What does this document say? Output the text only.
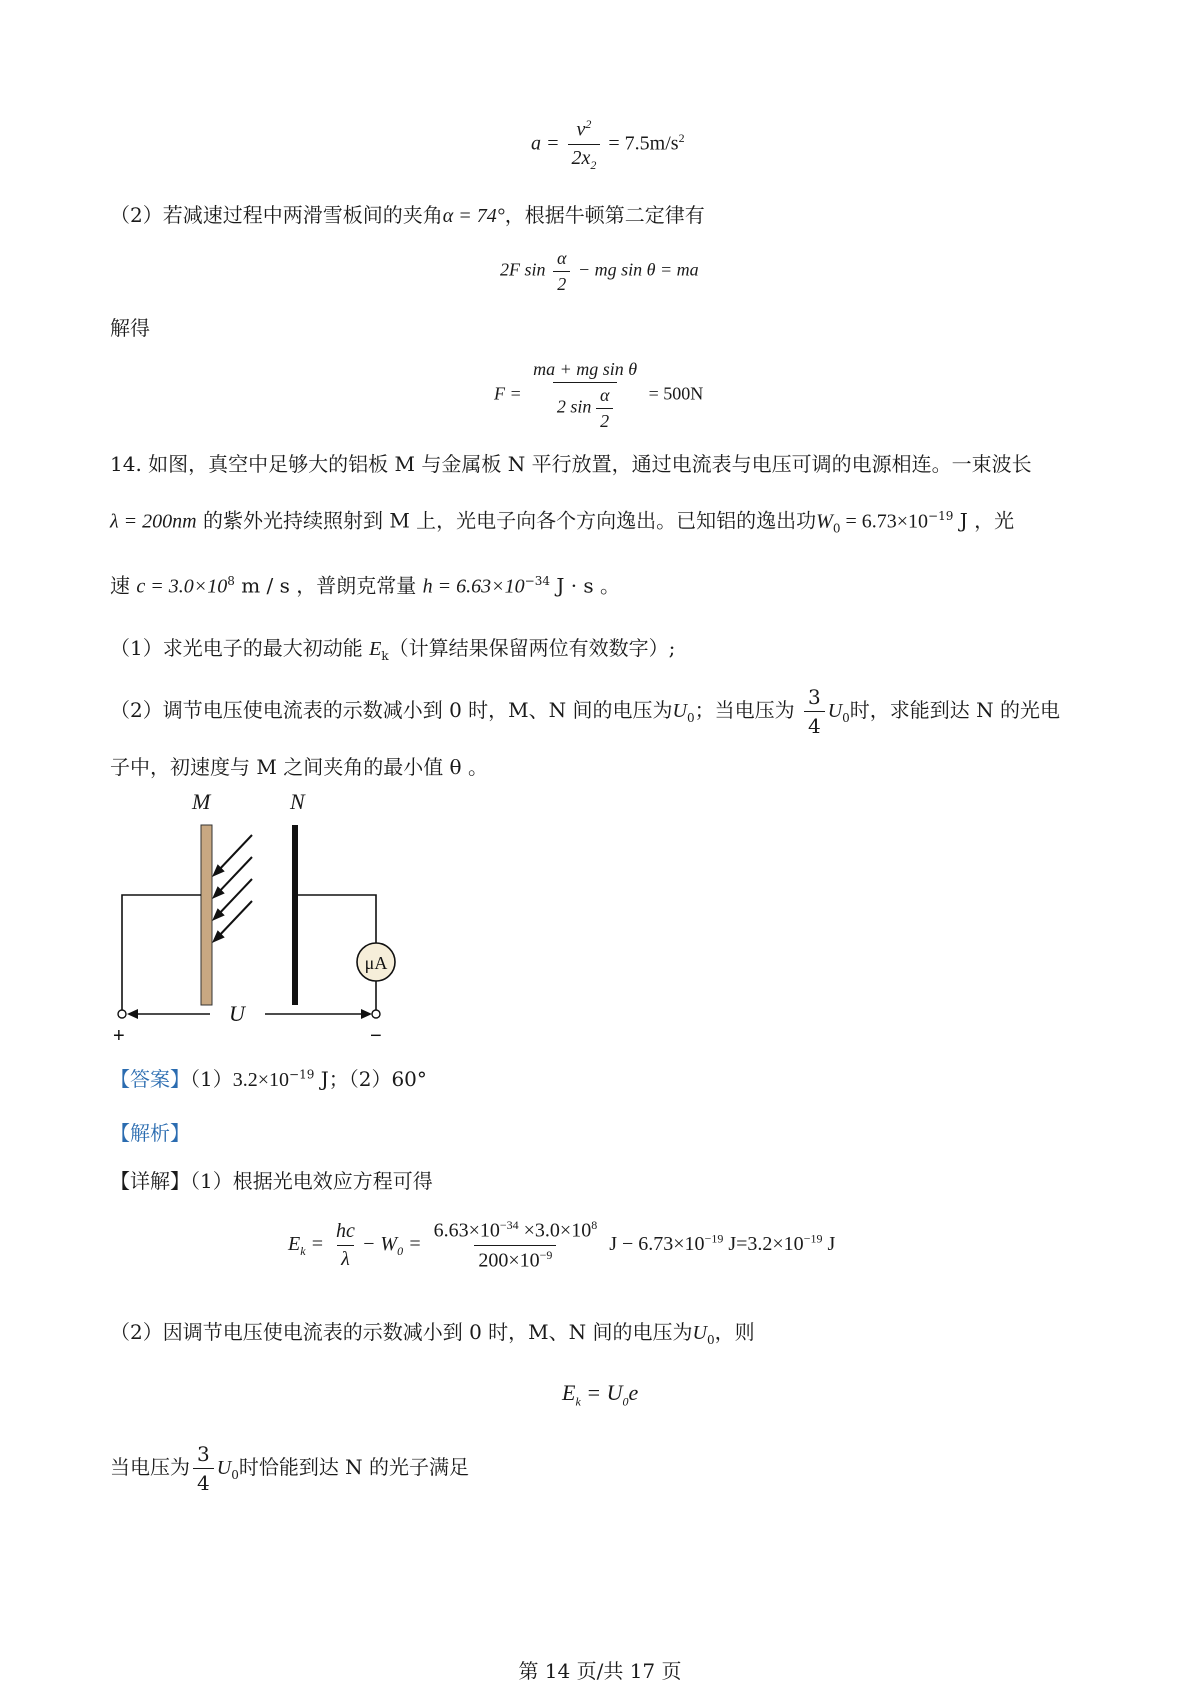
$a = \frac{v^2}{2x_2} = 7.5m/s^2$
（2）若减速过程中两滑雪板间的夹角α = 74°，根据牛顿第二定律有
2F $\sin \frac{\alpha}{2}$ − mg sin θ = ma
解得
$F = \frac{\text{ma + mg sin θ}}{2 \sin \frac{\alpha}{2}} = 500N$
14. 如图，真空中足够大的铝板 M 与金属板 N 平行放置，通过电流表与电压可调的电源相连。一束波长
λ = 200nm 的紫外光持续照射到 M 上，光电子向各个方向逸出。已知铝的逸出功$W_0 = 6.73\times 10^{-19}$ J ，光
速 $c = 3.0\times 10^8$ m / s ，普朗克常量 $h = 6.63\times 10^{-34}$ J · s 。
（1）求光电子的最大初动能 $E_k$（计算结果保留两位有效数字）;
（2）调节电压使电流表的示数减小到 0 时，M、N 间的电压为$U_0$；当电压为 $\frac{3}{4} U_0$时，求能到达 N 的光电
子中，初速度与 M 之间夹角的最小值 θ 。
M	N
μA
U
+	−
【答案】$(1)3.2\times 10^{-19}$ J；（2）60°
【解析】
【详解】（1）根据光电效应方程可得
$E_k = \frac{hc}{\lambda} - W_0 = \frac{6.63\times 10^{-34} \times 3.0\times 10^8}{200\times 10^{-9}}$ $J - 6.73\times 10^{-19}$ $J=3.2\times 10^{-19}$ J
（2）因调节电压使电流表的示数减小到 0 时，M、N 间的电压为$U_0$，则
$E_k = U_0e$
当电压为 $\frac{3}{4} U_0$时恰能到达 N 的光子满足
第 14 页/共 17 页
